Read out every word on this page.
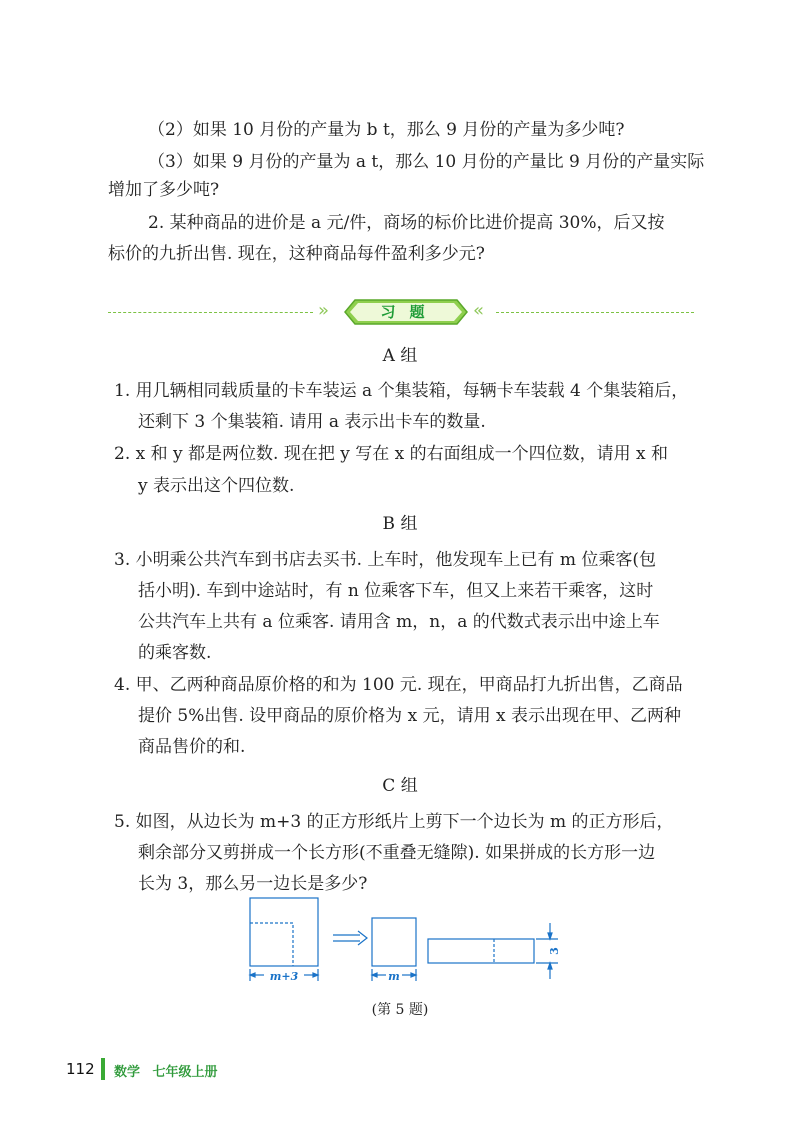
（2）如果 10 月份的产量为 b t，那么 9 月份的产量为多少吨?
（3）如果 9 月份的产量为 a t，那么 10 月份的产量比 9 月份的产量实际
增加了多少吨?
2. 某种商品的进价是 a 元/件，商场的标价比进价提高 30%，后又按
标价的九折出售. 现在，这种商品每件盈利多少元?
»	习题	«
A 组
1. 用几辆相同载质量的卡车装运 a 个集装箱，每辆卡车装载 4 个集装箱后，
还剩下 3 个集装箱. 请用 a 表示出卡车的数量.
2. x 和 y 都是两位数. 现在把 y 写在 x 的右面组成一个四位数，请用 x 和
y 表示出这个四位数.
B 组
3. 小明乘公共汽车到书店去买书. 上车时，他发现车上已有 m 位乘客(包
括小明). 车到中途站时，有 n 位乘客下车，但又上来若干乘客，这时
公共汽车上共有 a 位乘客. 请用含 m，n，a 的代数式表示出中途上车
的乘客数.
4. 甲、乙两种商品原价格的和为 100 元. 现在，甲商品打九折出售，乙商品
提价 5%出售. 设甲商品的原价格为 x 元，请用 x 表示出现在甲、乙两种
商品售价的和.
C 组
5. 如图，从边长为 m+3 的正方形纸片上剪下一个边长为 m 的正方形后，
剩余部分又剪拼成一个长方形(不重叠无缝隙). 如果拼成的长方形一边
长为 3，那么另一边长是多少?
m+3	m
3
(第 5 题)
112 数学 七年级上册
